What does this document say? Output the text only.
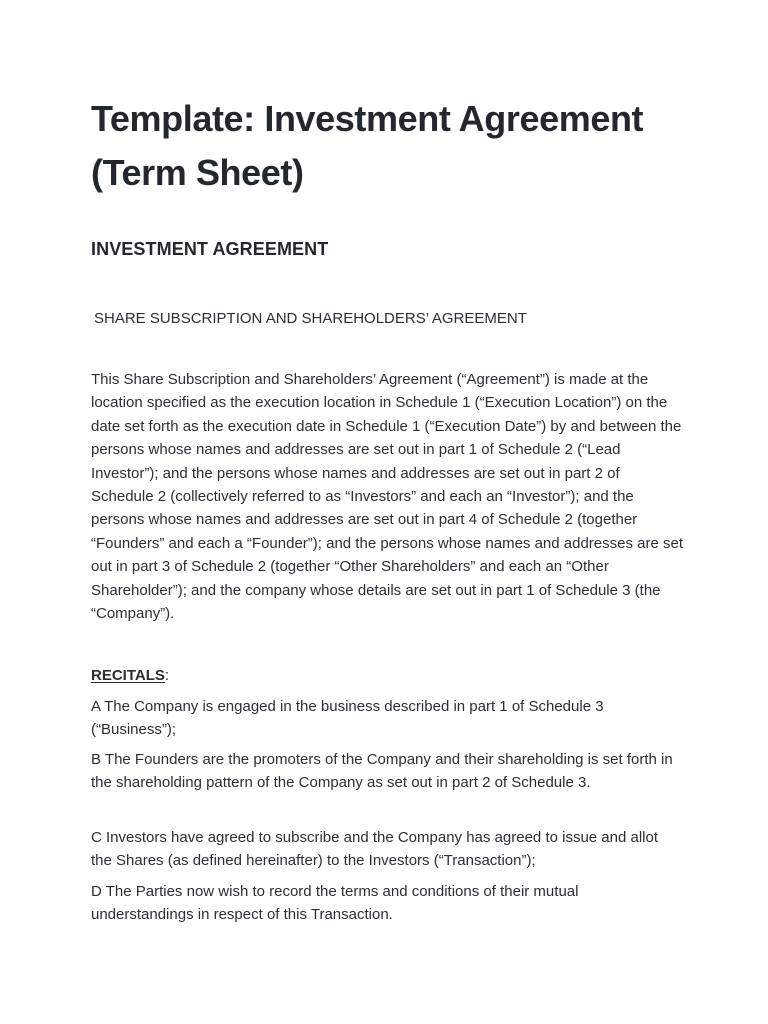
Template: Investment Agreement (Term Sheet)
INVESTMENT AGREEMENT

SHARE SUBSCRIPTION AND SHAREHOLDERS’ AGREEMENT

This Share Subscription and Shareholders’ Agreement (“Agreement”) is made at the location specified as the execution location in Schedule 1 (“Execution Location”) on the date set forth as the execution date in Schedule 1 (“Execution Date”) by and between the persons whose names and addresses are set out in part 1 of Schedule 2 (“Lead Investor”); and the persons whose names and addresses are set out in part 2 of Schedule 2 (collectively referred to as “Investors” and each an “Investor”); and the persons whose names and addresses are set out in part 4 of Schedule 2 (together “Founders” and each a “Founder”); and the persons whose names and addresses are set out in part 3 of Schedule 2 (together “Other Shareholders” and each an “Other Shareholder”); and the company whose details are set out in part 1 of Schedule 3 (the “Company”).

RECITALS:

A The Company is engaged in the business described in part 1 of Schedule 3 (“Business”);

B The Founders are the promoters of the Company and their shareholding is set forth in the shareholding pattern of the Company as set out in part 2 of Schedule 3.

C Investors have agreed to subscribe and the Company has agreed to issue and allot the Shares (as defined hereinafter) to the Investors (“Transaction”);

D The Parties now wish to record the terms and conditions of their mutual understandings in respect of this Transaction.
